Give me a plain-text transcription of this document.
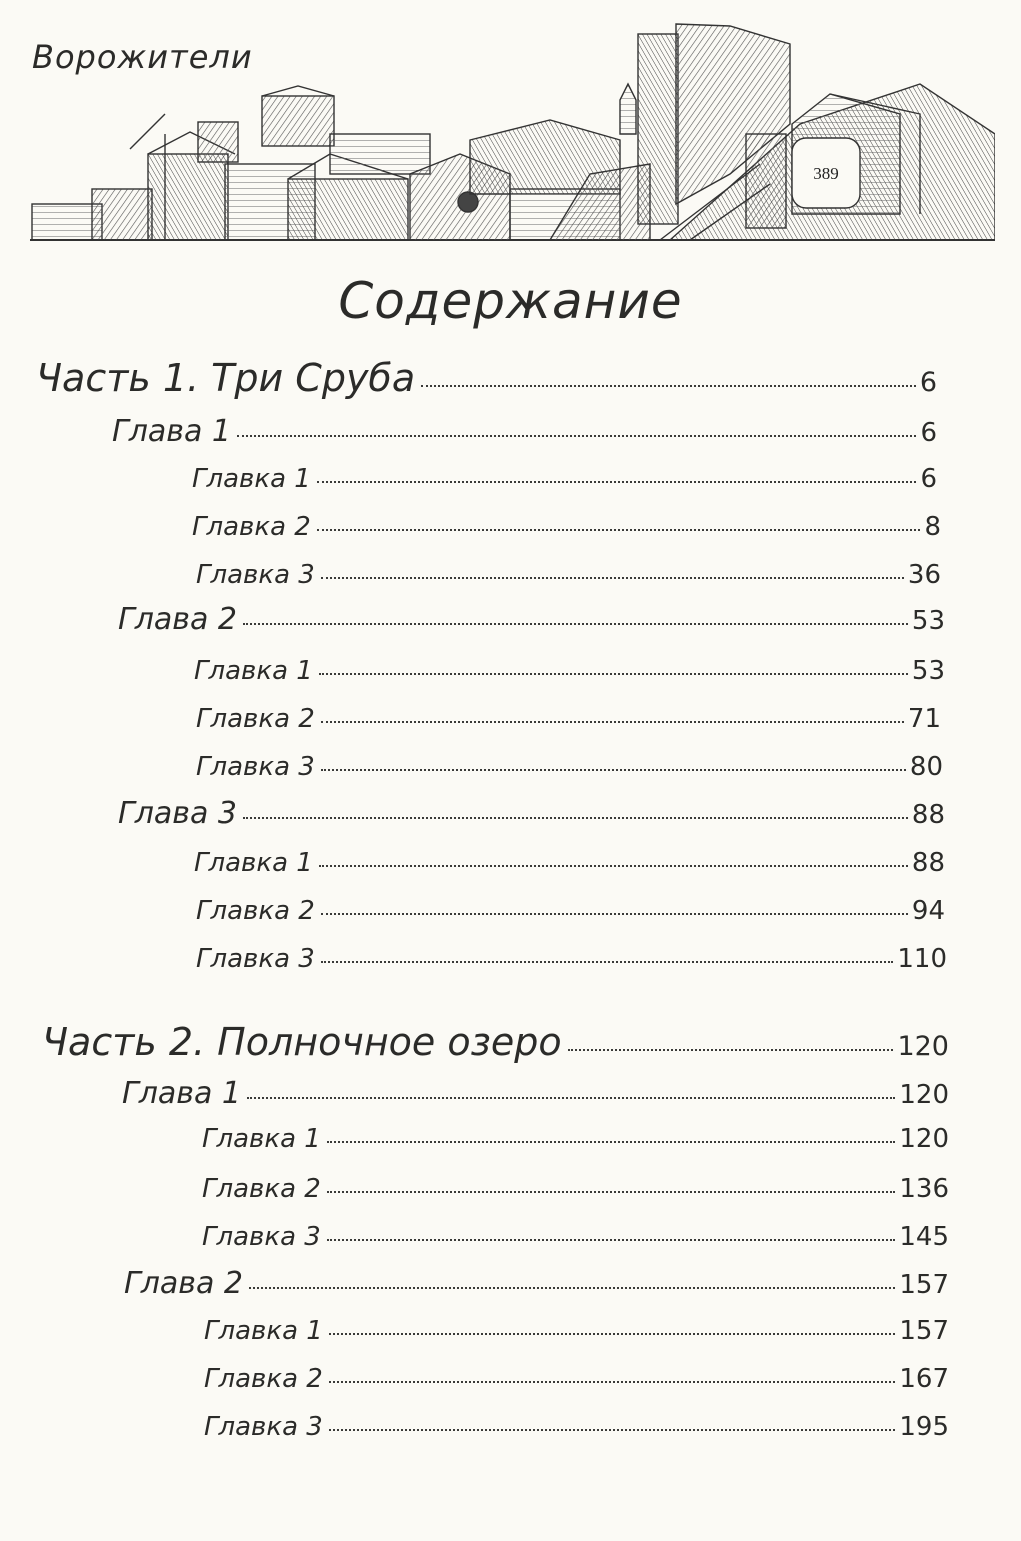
389
Ворожители
Содержание
Часть 1. Три Сруба	6
Глава 1	6
Главка 1	6
Главка 2	8
Главка 3	36
Глава 2	53
Главка 1	53
Главка 2	71
Главка 3	80
Глава 3	88
Главка 1	88
Главка 2	94
Главка 3	110
Часть 2. Полночное озеро	120
Глава 1	120
Главка 1	120
Главка 2	136
Главка 3	145
Глава 2	157
Главка 1	157
Главка 2	167
Главка 3	195
